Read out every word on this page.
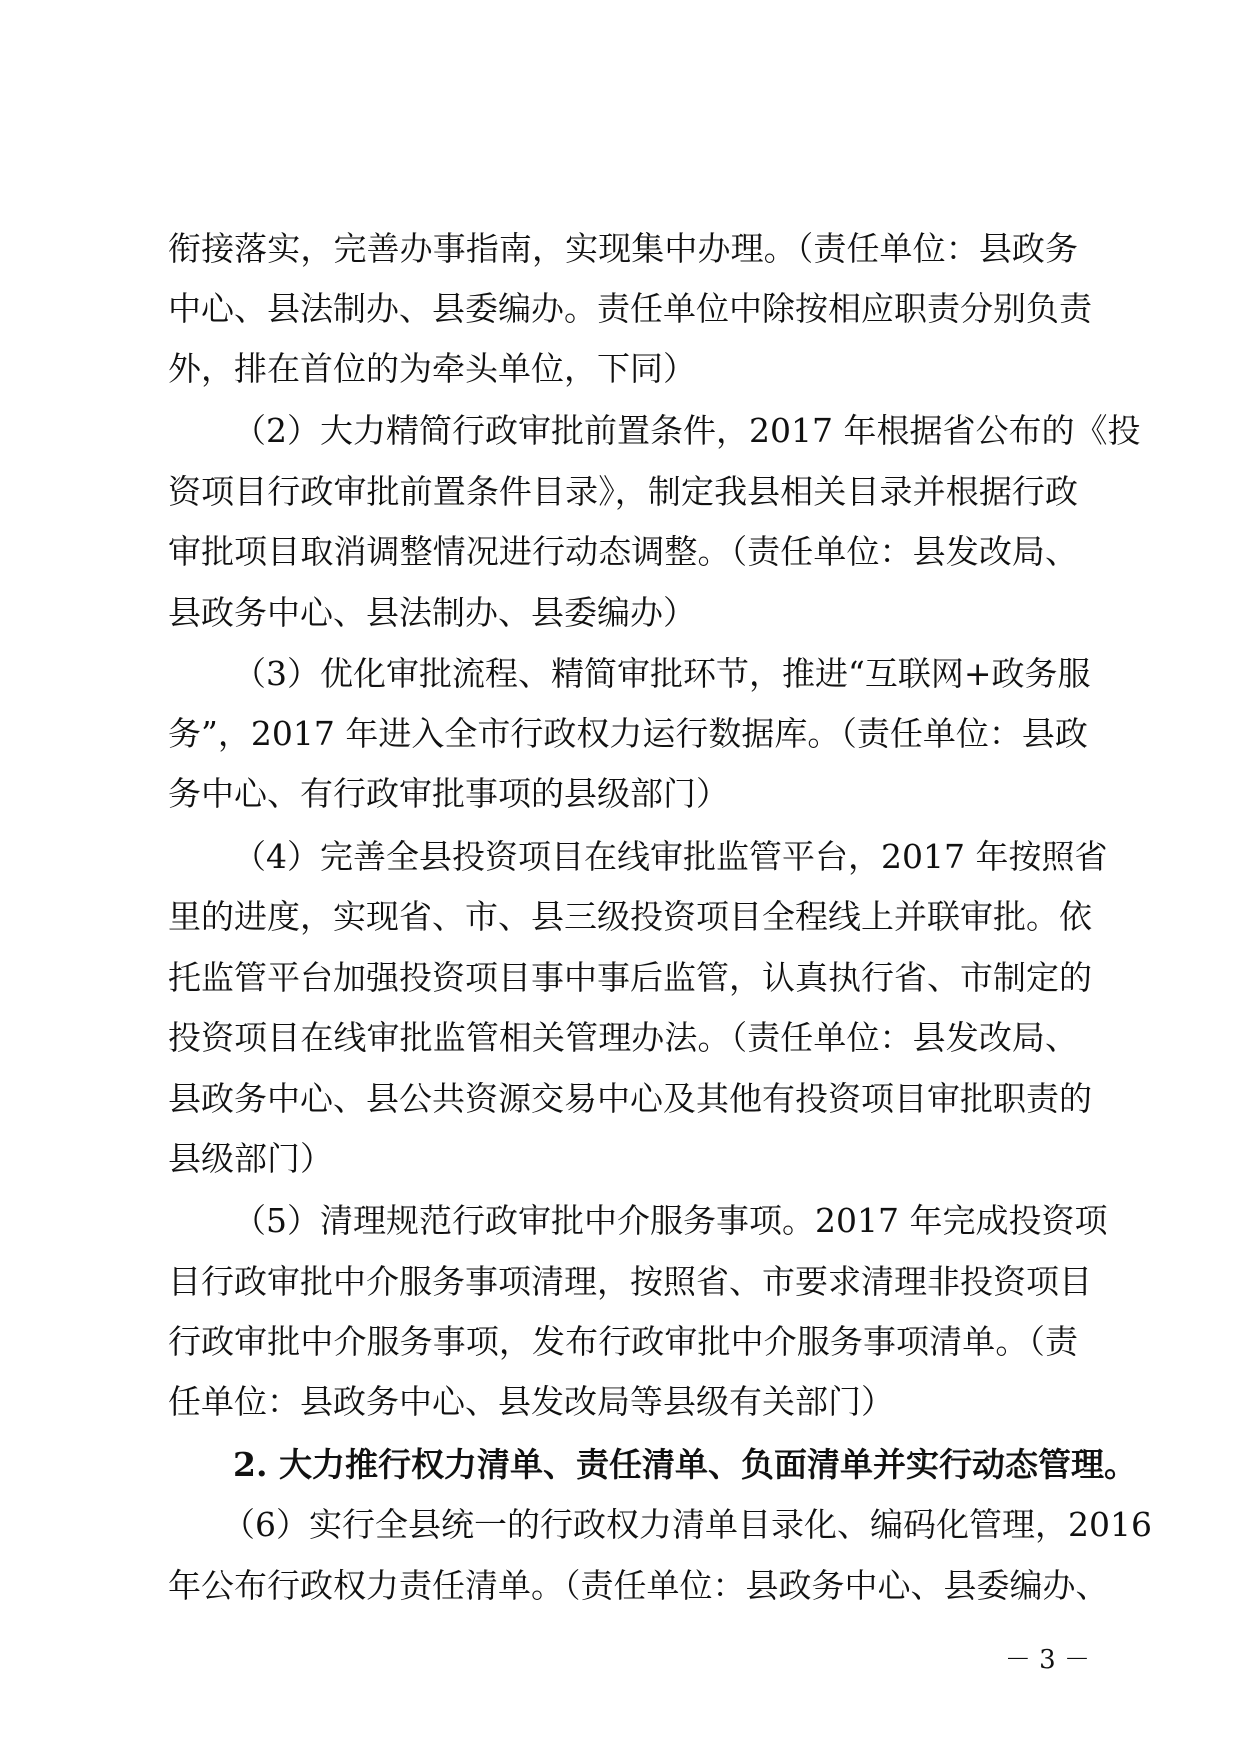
衔接落实，完善办事指南，实现集中办理。（责任单位：县政务
中心、县法制办、县委编办。责任单位中除按相应职责分别负责
外，排在首位的为牵头单位，下同）
（2）大力精简行政审批前置条件，2017 年根据省公布的《投
资项目行政审批前置条件目录》，制定我县相关目录并根据行政
审批项目取消调整情况进行动态调整。（责任单位：县发改局、
县政务中心、县法制办、县委编办）
（3）优化审批流程、精简审批环节，推进“互联网+政务服
务”，2017 年进入全市行政权力运行数据库。（责任单位：县政
务中心、有行政审批事项的县级部门）
（4）完善全县投资项目在线审批监管平台，2017 年按照省
里的进度，实现省、市、县三级投资项目全程线上并联审批。依
托监管平台加强投资项目事中事后监管，认真执行省、市制定的
投资项目在线审批监管相关管理办法。（责任单位：县发改局、
县政务中心、县公共资源交易中心及其他有投资项目审批职责的
县级部门）
（5）清理规范行政审批中介服务事项。2017 年完成投资项
目行政审批中介服务事项清理，按照省、市要求清理非投资项目
行政审批中介服务事项，发布行政审批中介服务事项清单。（责
任单位：县政务中心、县发改局等县级有关部门）
2. 大力推行权力清单、责任清单、负面清单并实行动态管理。
（6）实行全县统一的行政权力清单目录化、编码化管理，2016
年公布行政权力责任清单。（责任单位：县政务中心、县委编办、
－ 3 －
